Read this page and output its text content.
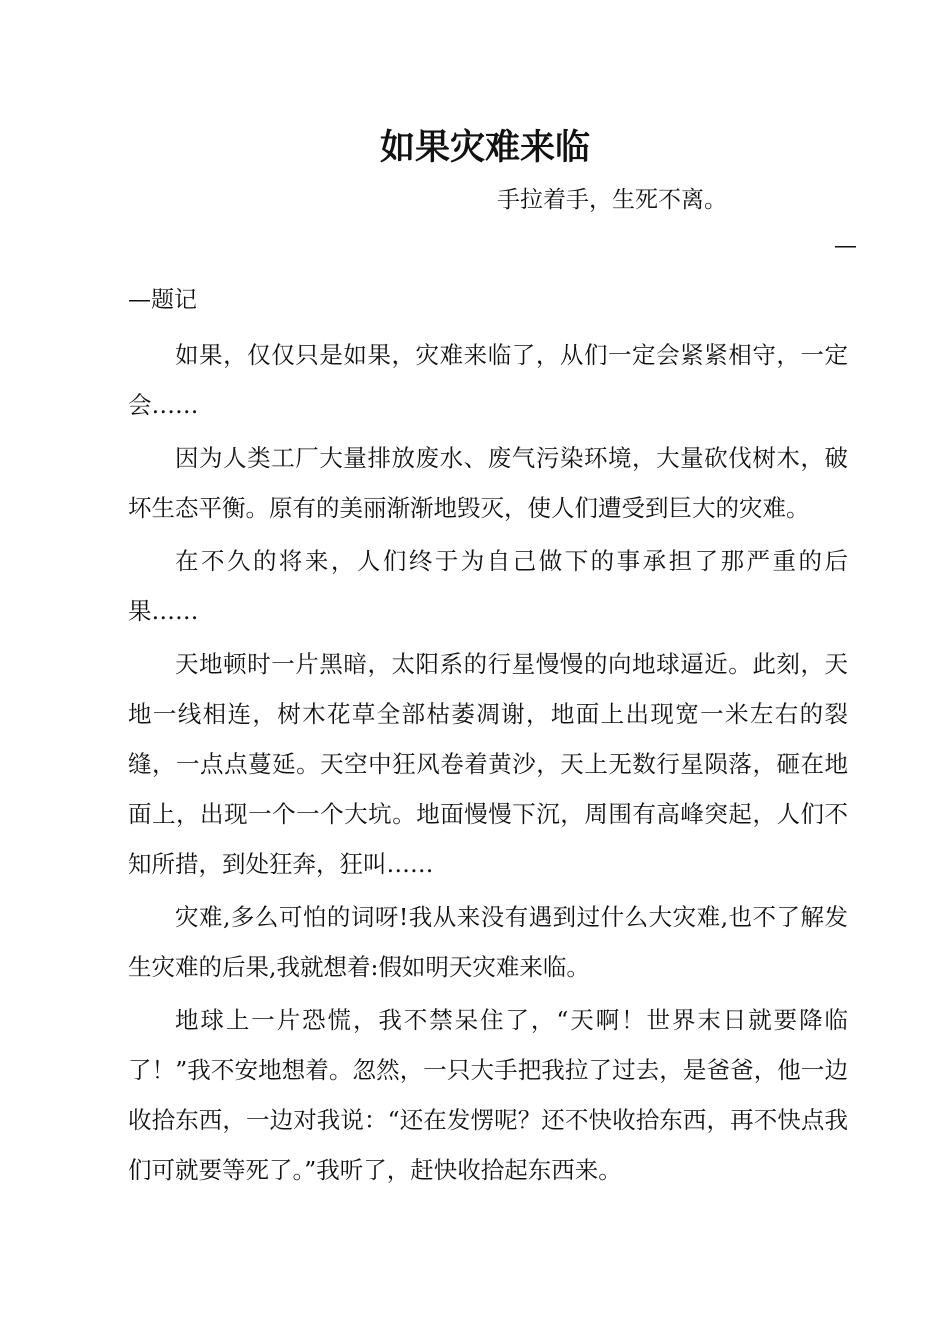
如果灾难来临

手拉着手，生死不离。

—

—题记

如果，仅仅只是如果，灾难来临了，从们一定会紧紧相守，一定会……

因为人类工厂大量排放废水、废气污染环境，大量砍伐树木，破坏生态平衡。原有的美丽渐渐地毁灭，使人们遭受到巨大的灾难。

在不久的将来，人们终于为自己做下的事承担了那严重的后果……

天地顿时一片黑暗，太阳系的行星慢慢的向地球逼近。此刻，天地一线相连，树木花草全部枯萎凋谢，地面上出现宽一米左右的裂缝，一点点蔓延。天空中狂风卷着黄沙，天上无数行星陨落，砸在地面上，出现一个一个大坑。地面慢慢下沉，周围有高峰突起，人们不知所措，到处狂奔，狂叫……

灾难,多么可怕的词呀!我从来没有遇到过什么大灾难,也不了解发生灾难的后果,我就想着:假如明天灾难来临。

地球上一片恐慌，我不禁呆住了，“天啊！世界末日就要降临了！”我不安地想着。忽然，一只大手把我拉了过去，是爸爸，他一边收拾东西，一边对我说：“还在发愣呢？还不快收拾东西，再不快点我们可就要等死了。”我听了，赶快收拾起东西来。
